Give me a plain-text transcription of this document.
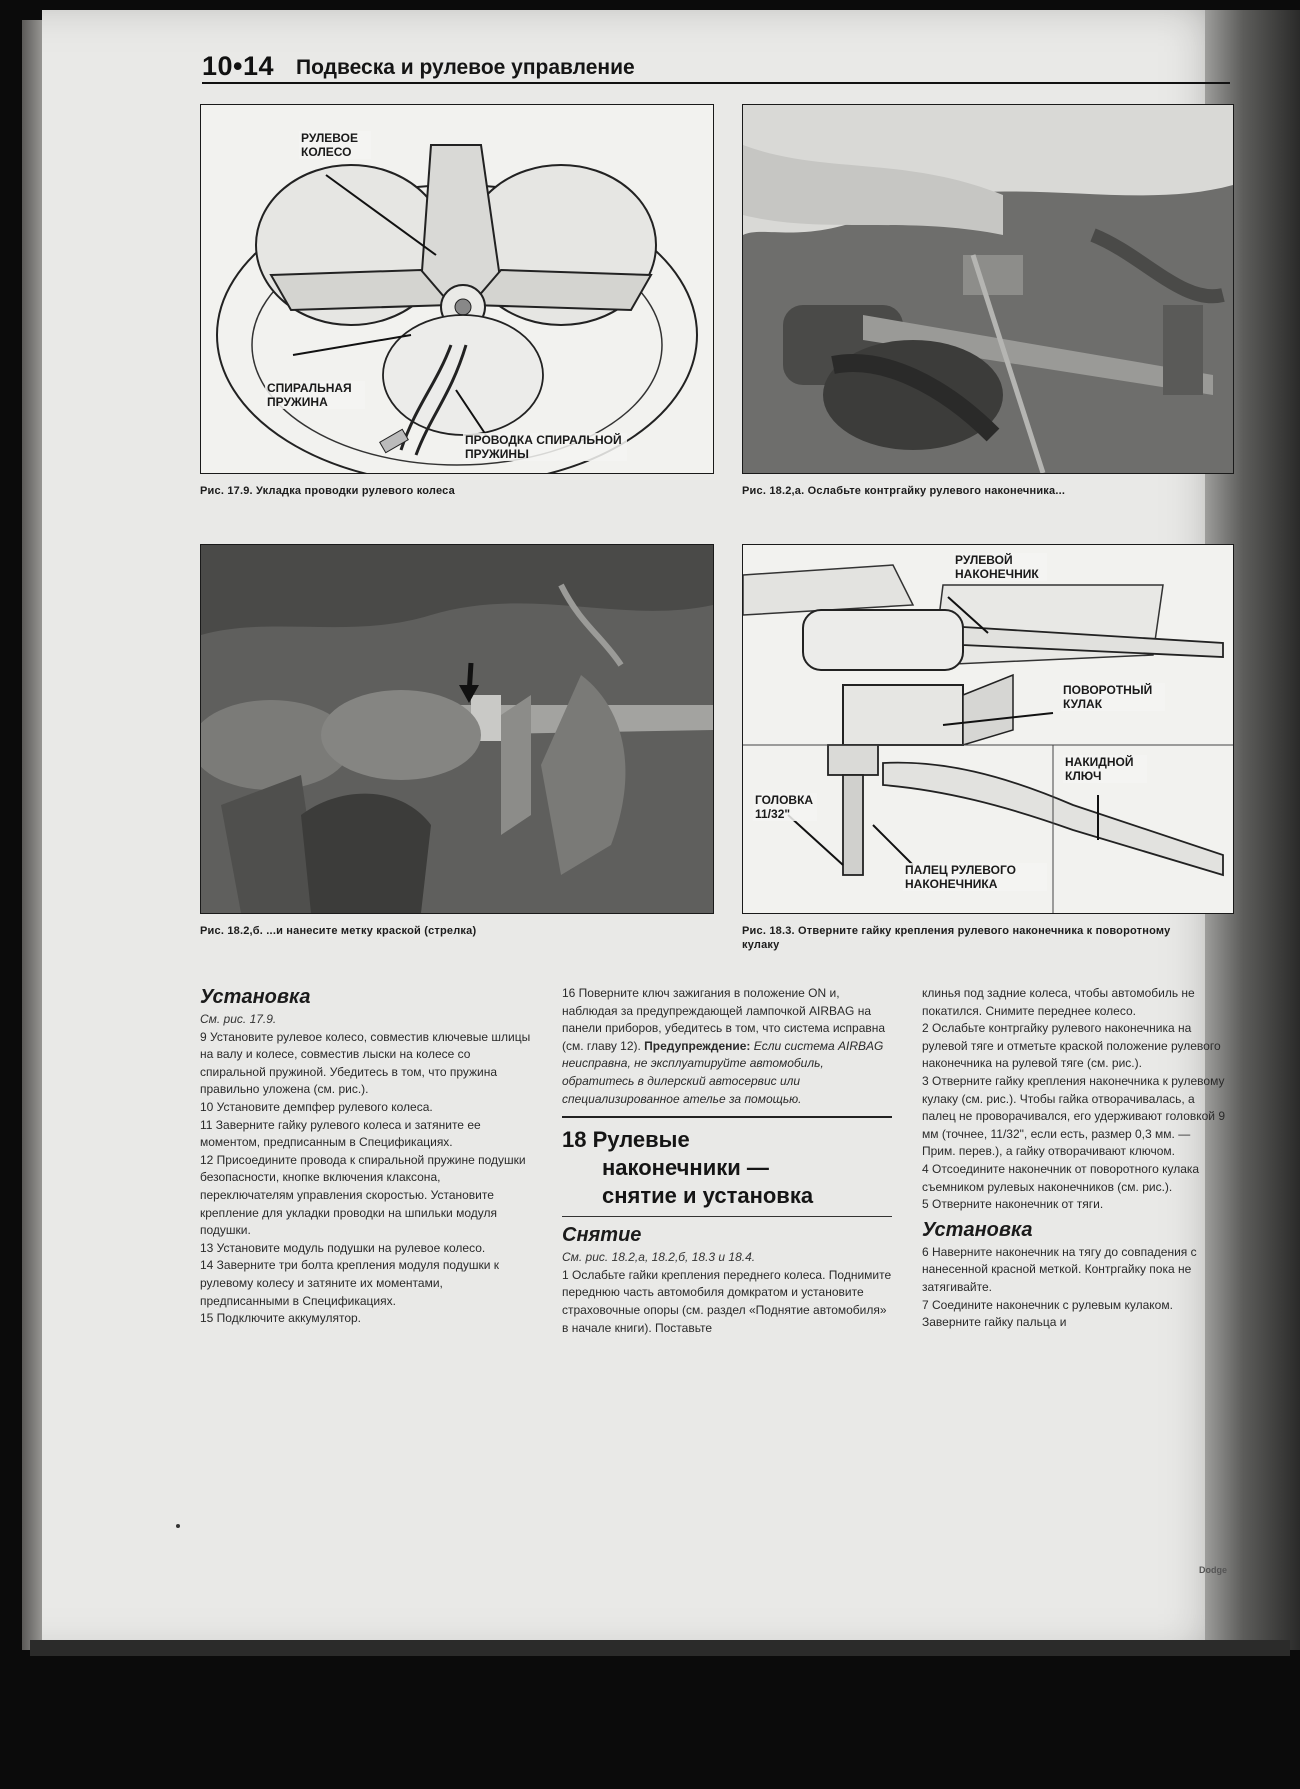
10•14 Подвеска и рулевое управление
РУЛЕВОЕ КОЛЕСО
СПИРАЛЬНАЯ ПРУЖИНА
ПРОВОДКА СПИРАЛЬНОЙ ПРУЖИНЫ
Рис. 17.9. Укладка проводки рулевого колеса	Рис. 18.2,а. Ослабьте контргайку рулевого наконечника...
Рис. 18.2,б. ...и нанесите метку краской (стрелка)
РУЛЕВОЙ НАКОНЕЧНИК
ПОВОРОТНЫЙ КУЛАК
НАКИДНОЙ КЛЮЧ
ГОЛОВКА 11/32"
ПАЛЕЦ РУЛЕВОГО НАКОНЕЧНИКА
Рис. 18.3. Отверните гайку крепления рулевого наконечника к поворотному кулаку
Установка

См. рис. 17.9.

9 Установите рулевое колесо, совместив ключевые шлицы на валу и колесе, совместив лыски на колесе со спиральной пружиной. Убедитесь в том, что пружина правильно уложена (см. рис.).

10 Установите демпфер рулевого колеса.

11 Заверните гайку рулевого колеса и затяните ее моментом, предписанным в Спецификациях.

12 Присоедините провода к спиральной пружине подушки безопасности, кнопке включения клаксона, переключателям управления скоростью. Установите крепление для укладки проводки на шпильки модуля подушки.

13 Установите модуль подушки на рулевое колесо.

14 Заверните три болта крепления модуля подушки к рулевому колесу и затяните их моментами, предписанными в Спецификациях.

15 Подключите аккумулятор.

16 Поверните ключ зажигания в положение ON и, наблюдая за предупреждающей лампочкой AIRBAG на панели приборов, убедитесь в том, что система исправна (см. главу 12). Предупреждение: Если система AIRBAG неисправна, не эксплуатируйте автомобиль, обратитесь в дилерский автосервис или специализированное ателье за помощью.

18 Рулевые
наконечники —
снятие и установка
Снятие

См. рис. 18.2,а, 18.2,б, 18.3 и 18.4.

1 Ослабьте гайки крепления переднего колеса. Поднимите переднюю часть автомобиля домкратом и установите страховочные опоры (см. раздел «Поднятие автомобиля» в начале книги). Поставьте

клинья под задние колеса, чтобы автомобиль не покатился. Снимите переднее колесо.

2 Ослабьте контргайку рулевого наконечника на рулевой тяге и отметьте краской положение рулевого наконечника на рулевой тяге (см. рис.).

3 Отверните гайку крепления наконечника к рулевому кулаку (см. рис.). Чтобы гайка отворачивалась, а палец не проворачивался, его удерживают головкой 9 мм (точнее, 11/32", если есть, размер 0,3 мм. — Прим. перев.), а гайку отворачивают ключом.

4 Отсоедините наконечник от поворотного кулака съемником рулевых наконечников (см. рис.).

5 Отверните наконечник от тяги.

Установка

6 Наверните наконечник на тягу до совпадения с нанесенной красной меткой. Контргайку пока не затягивайте.

7 Соедините наконечник с рулевым кулаком. Заверните гайку пальца и

Dodge
